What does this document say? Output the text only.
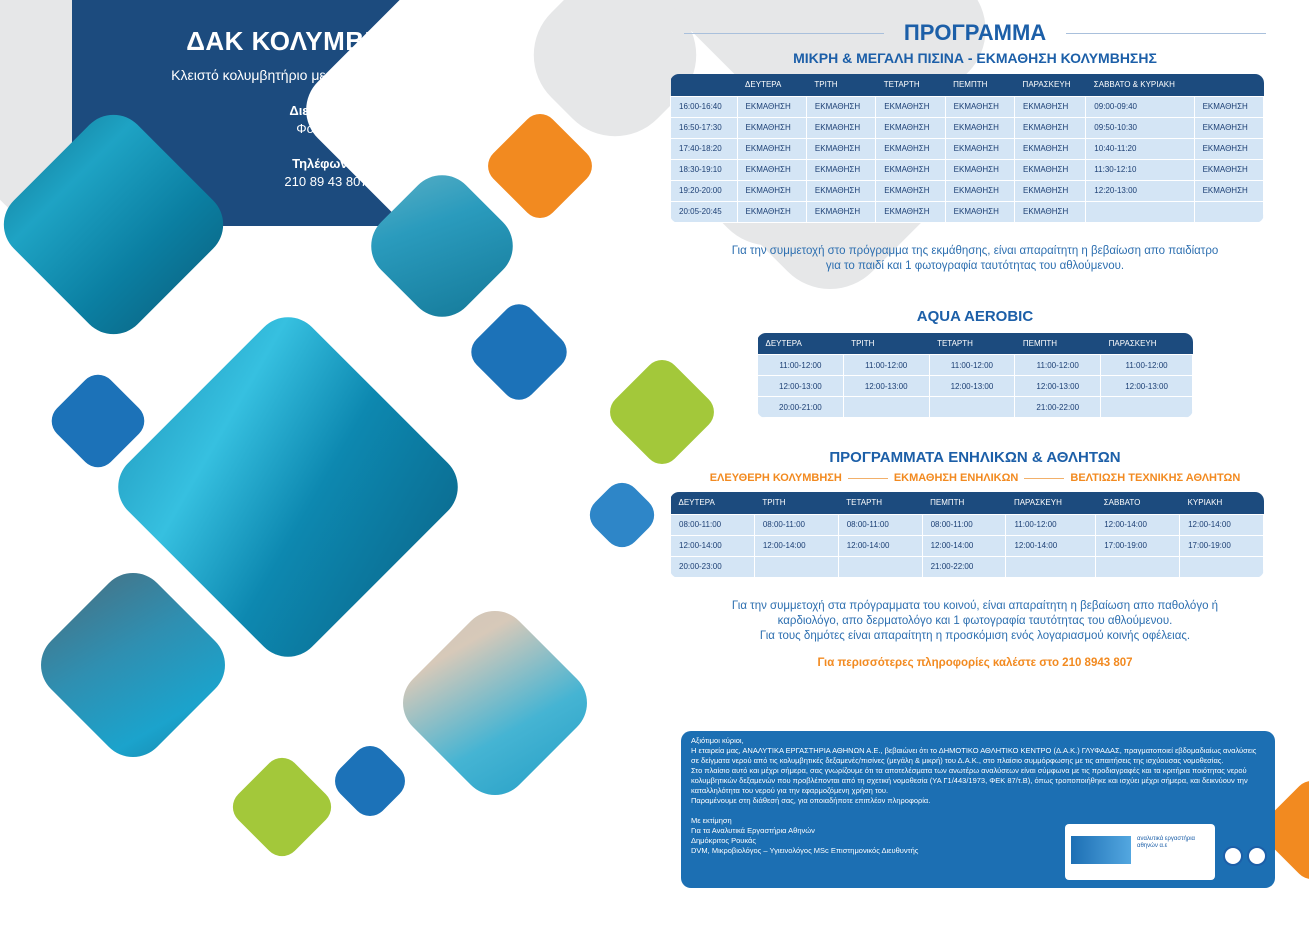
ΔΑΚ ΚΟΛΥΜΒΗΤΗΡΙΟ
Κλειστό κολυμβητήριο με μικρή και μεγάλη πισίνα.
Διεύθυνση :
Φοίβης 14
Τηλέφωνο:
210 89 43 807
ΠΡΟΓΡΑΜΜΑ
ΜΙΚΡΗ & ΜΕΓΑΛΗ ΠΙΣΙΝΑ - ΕΚΜΑΘΗΣΗ ΚΟΛΥΜΒΗΣΗΣ
	ΔΕΥΤΕΡΑ	ΤΡΙΤΗ	ΤΕΤΑΡΤΗ	ΠΕΜΠΤΗ	ΠΑΡΑΣΚΕΥΗ	ΣΑΒΒΑΤΟ & ΚΥΡΙΑΚΗ	
16:00-16:40	ΕΚΜΑΘΗΣΗ	ΕΚΜΑΘΗΣΗ	ΕΚΜΑΘΗΣΗ	ΕΚΜΑΘΗΣΗ	ΕΚΜΑΘΗΣΗ	09:00-09:40	ΕΚΜΑΘΗΣΗ
16:50-17:30	ΕΚΜΑΘΗΣΗ	ΕΚΜΑΘΗΣΗ	ΕΚΜΑΘΗΣΗ	ΕΚΜΑΘΗΣΗ	ΕΚΜΑΘΗΣΗ	09:50-10:30	ΕΚΜΑΘΗΣΗ
17:40-18:20	ΕΚΜΑΘΗΣΗ	ΕΚΜΑΘΗΣΗ	ΕΚΜΑΘΗΣΗ	ΕΚΜΑΘΗΣΗ	ΕΚΜΑΘΗΣΗ	10:40-11:20	ΕΚΜΑΘΗΣΗ
18:30-19:10	ΕΚΜΑΘΗΣΗ	ΕΚΜΑΘΗΣΗ	ΕΚΜΑΘΗΣΗ	ΕΚΜΑΘΗΣΗ	ΕΚΜΑΘΗΣΗ	11:30-12:10	ΕΚΜΑΘΗΣΗ
19:20-20:00	ΕΚΜΑΘΗΣΗ	ΕΚΜΑΘΗΣΗ	ΕΚΜΑΘΗΣΗ	ΕΚΜΑΘΗΣΗ	ΕΚΜΑΘΗΣΗ	12:20-13:00	ΕΚΜΑΘΗΣΗ
20:05-20:45	ΕΚΜΑΘΗΣΗ	ΕΚΜΑΘΗΣΗ	ΕΚΜΑΘΗΣΗ	ΕΚΜΑΘΗΣΗ	ΕΚΜΑΘΗΣΗ		
Για την συμμετοχή στο πρόγραμμα της εκμάθησης, είναι απαραίτητη η βεβαίωση απο παιδίατρο
για το παιδί και 1 φωτογραφία ταυτότητας του αθλούμενου.
AQUA AEROBIC
ΔΕΥΤΕΡΑ	ΤΡΙΤΗ	ΤΕΤΑΡΤΗ	ΠΕΜΠΤΗ	ΠΑΡΑΣΚΕΥΗ
11:00-12:00	11:00-12:00	11:00-12:00	11:00-12:00	11:00-12:00
12:00-13:00	12:00-13:00	12:00-13:00	12:00-13:00	12:00-13:00
20:00-21:00			21:00-22:00	
ΠΡΟΓΡΑΜΜΑΤΑ ΕΝΗΛΙΚΩΝ & ΑΘΛΗΤΩΝ
ΕΛΕΥΘΕΡΗ ΚΟΛΥΜΒΗΣΗ	ΕΚΜΑΘΗΣΗ ΕΝΗΛΙΚΩΝ	ΒΕΛΤΙΩΣΗ ΤΕΧΝΙΚΗΣ ΑΘΛΗΤΩΝ
ΔΕΥΤΕΡΑ	ΤΡΙΤΗ	ΤΕΤΑΡΤΗ	ΠΕΜΠΤΗ	ΠΑΡΑΣΚΕΥΗ	ΣΑΒΒΑΤΟ	ΚΥΡΙΑΚΗ
08:00-11:00	08:00-11:00	08:00-11:00	08:00-11:00	11:00-12:00	12:00-14:00	12:00-14:00
12:00-14:00	12:00-14:00	12:00-14:00	12:00-14:00	12:00-14:00	17:00-19:00	17:00-19:00
20:00-23:00			21:00-22:00			
Για την συμμετοχή στα πρόγραμματα του κοινού, είναι απαραίτητη η βεβαίωση απο παθολόγο ή
καρδιολόγο, απο δερματολόγο και 1 φωτογραφία ταυτότητας του αθλούμενου.
Για τους δημότες είναι απαραίτητη η προσκόμιση ενός λογαριασμού κοινής οφέλειας.
Για περισσότερες πληροφορίες καλέστε στο 210 8943 807

Αξιότιμοι κύριοι,

Η εταιρεία μας, ΑΝΑΛΥΤΙΚΑ ΕΡΓΑΣΤΗΡΙΑ ΑΘΗΝΩΝ Α.Ε., βεβαιώνει ότι το ΔΗΜΟΤΙΚΟ ΑΘΛΗΤΙΚΟ ΚΕΝΤΡΟ (Δ.Α.Κ.) ΓΛΥΦΑΔΑΣ, πραγματοποιεί εβδομαδιαίως αναλύσεις σε δείγματα νερού από τις κολυμβητικές δεξαμενές/πισίνες (μεγάλη & μικρή) του Δ.Α.Κ., στο πλαίσιο συμμόρφωσης με τις απαιτήσεις της ισχύουσας νομοθεσίας.

Στο πλαίσιο αυτό και μέχρι σήμερα, σας γνωρίζουμε ότι τα αποτελέσματα των ανωτέρω αναλύσεων είναι σύμφωνα με τις προδιαγραφές και τα κριτήρια ποιότητας νερού κολυμβητικών δεξαμενών που προβλέπονται από τη σχετική νομοθεσία (ΥΑ Γ1/443/1973, ΦΕΚ 87/τ.Β), όπως τροποποιήθηκε και ισχύει μέχρι σήμερα, και δεικνύουν την καταλληλότητα του νερού για την εφαρμοζόμενη χρήση του.

Παραμένουμε στη διάθεσή σας, για οποιαδήποτε επιπλέον πληροφορία.

Με εκτίμηση

Για τα Αναλυτικά Εργαστήρια Αθηνών

Δημόκριτος Ρουκάς

DVM, Μικροβιολόγος – Υγιεινολόγος MSc Επιστημονικός Διευθυντής

αναλυτικά εργαστήρια αθηνών α.ε
